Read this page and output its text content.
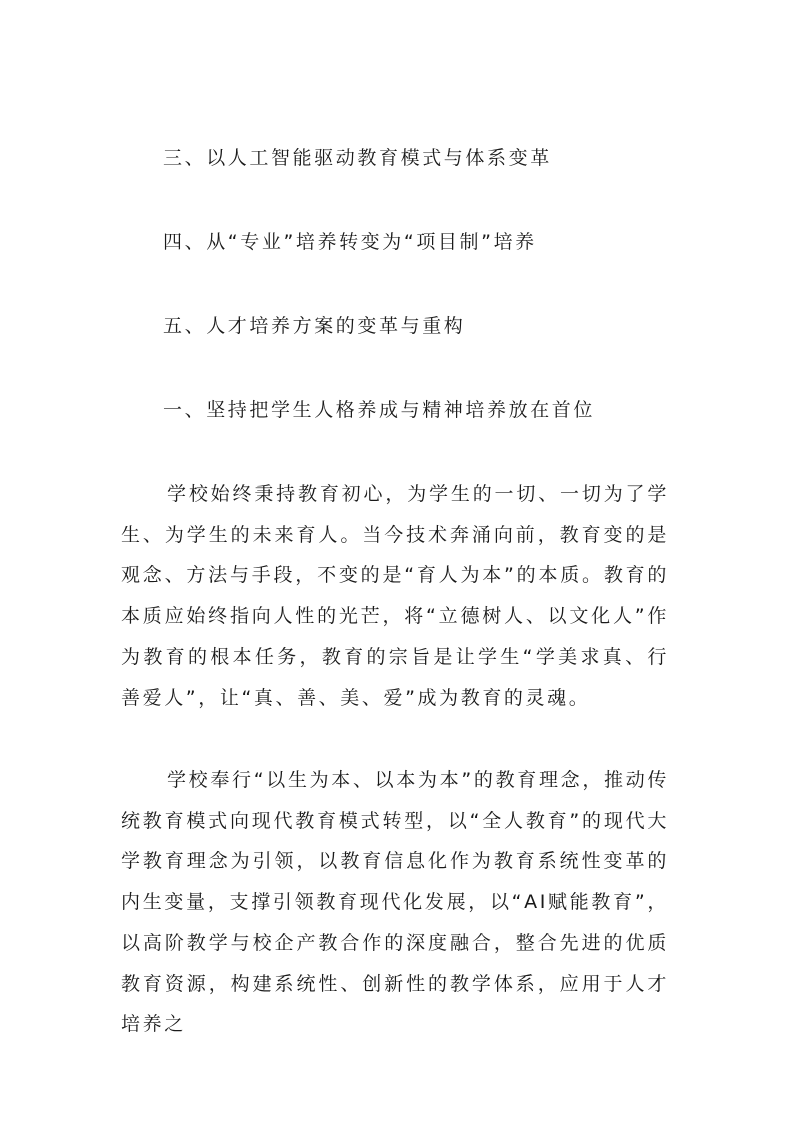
三、以人工智能驱动教育模式与体系变革
四、从“专业”培养转变为“项目制”培养
五、人才培养方案的变革与重构
一、坚持把学生人格养成与精神培养放在首位

学校始终秉持教育初心，为学生的一切、一切为了学生、为学生的未来育人。当今技术奔涌向前，教育变的是观念、方法与手段，不变的是“育人为本”的本质。教育的本质应始终指向人性的光芒，将“立德树人、以文化人”作为教育的根本任务，教育的宗旨是让学生“学美求真、行善爱人”，让“真、善、美、爱”成为教育的灵魂。

学校奉行“以生为本、以本为本”的教育理念，推动传统教育模式向现代教育模式转型，以“全人教育”的现代大学教育理念为引领，以教育信息化作为教育系统性变革的内生变量，支撑引领教育现代化发展，以“AI赋能教育”，以高阶教学与校企产教合作的深度融合，整合先进的优质教育资源，构建系统性、创新性的教学体系，应用于人才培养之
